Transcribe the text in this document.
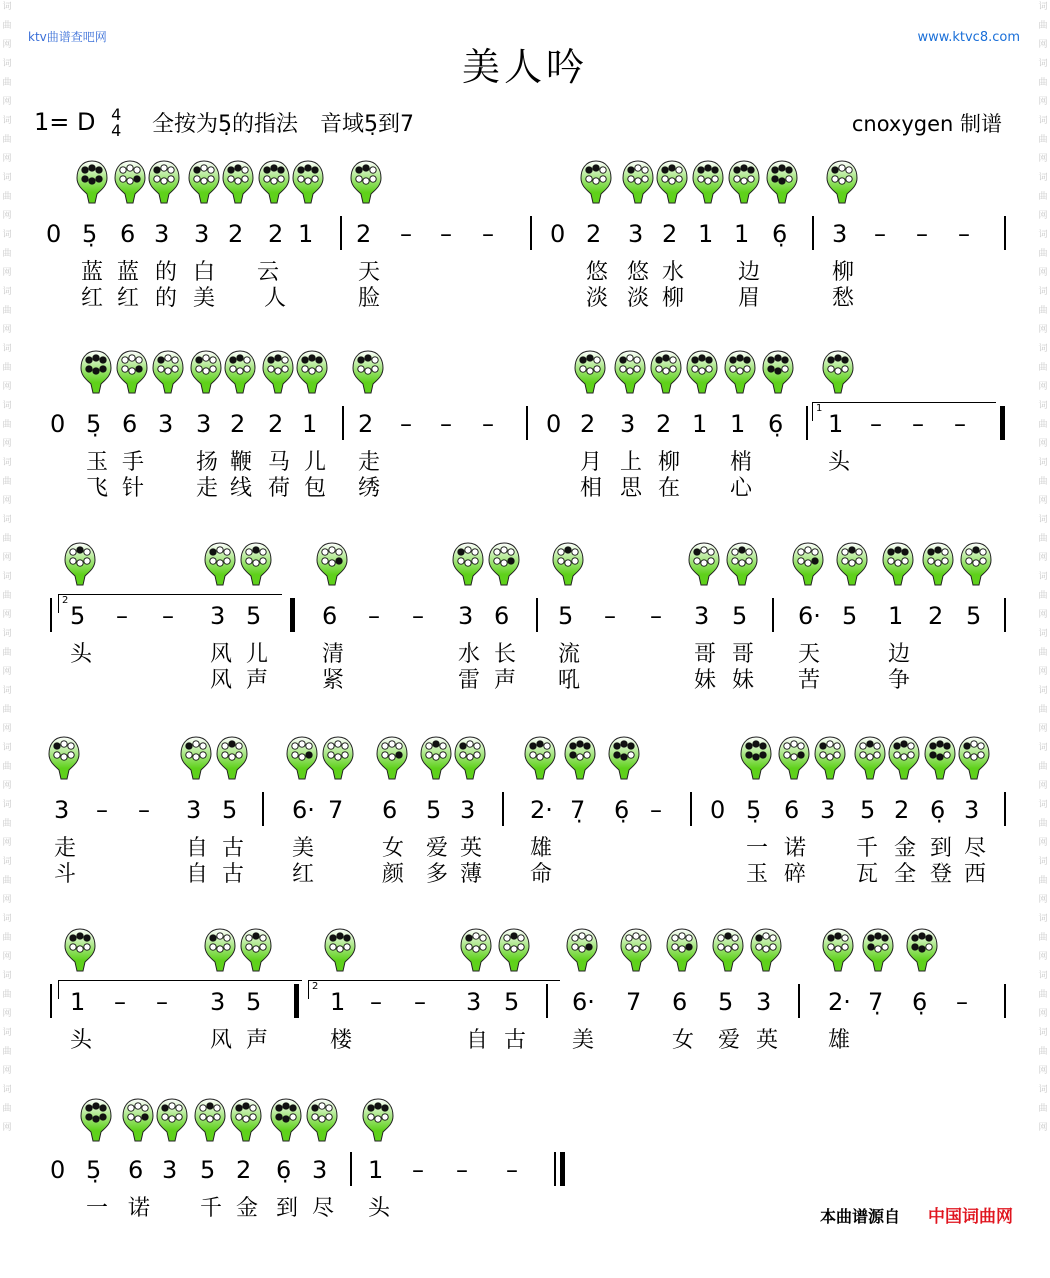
词
曲
网
词
曲
网
词
曲
网
词
曲
网
词
曲
网
词
曲
网
词
曲
网
词
曲
网
词
曲
网
词
曲
网
词
曲
网
词
曲
网
词
曲
网
词
曲
网
词
曲
网
词
曲
网
词
曲
网
词
曲
网
词
曲
网
词
曲
网
词
曲
网
词
曲
网
词
曲
网
词
曲
网
词
曲
网
词
曲
网
词
曲
网
词
曲
网
词
曲
网
词
曲
网
词
曲
网
词
曲
网
词
曲
网
词
曲
网
词
曲
网
词
曲
网
词
曲
网
词
曲
网
词
曲
网
词
曲
网
ktv曲谱查吧网	www.ktvc8.com
美人吟
1= D 4
4 全按为5̣的指法　音域5̣到7	cnoxygen 制谱
0 5̣ 6 3 3 2 2 1 2 – – – 0 2 3 2 1 1 6̣ 3 – – –
蓝 蓝 的 白 云	天	悠 悠 水 边	柳
红 红 的 美 人	脸	淡 淡 柳 眉	愁
0 5̣ 6 3 3 2 2 1 2 – – – 0 2 3 2 1 1 6̣ 1 – – –
1
玉 手 扬 鞭 马 儿 走	月 上 柳 梢	头
飞 针 走 线 荷 包 绣	相 思 在 心
5 – – 3 5	6 – – 3 6 5 – – 3 5 6· 5 1 2 5
2
头	风 儿 清	水 长 流	哥 哥 天	边
风 声 紧	雷 声 吼	妹 妹 苦	争
3 – – 3 5 6· 7 6 5 3 2· 7̣ 6̣ – 0 5̣ 6 3 5 2 6̣ 3
走	自 古 美	女 爱 英 雄	一 诺 千 金 到 尽
斗	自 古 红	颜 多 薄 命	玉 碎 瓦 全 登 西
1 – – 3 5	1 – – 3 5 6· 7 6 5 3 2· 7̣ 6̣ –
2
头	风 声	楼	自 古 美	女 爱 英 雄
0 5̣ 6 3 5 2 6̣ 3 1 – – –
一 诺 千 金 到 尽 头	本曲谱源自 中国词曲网
